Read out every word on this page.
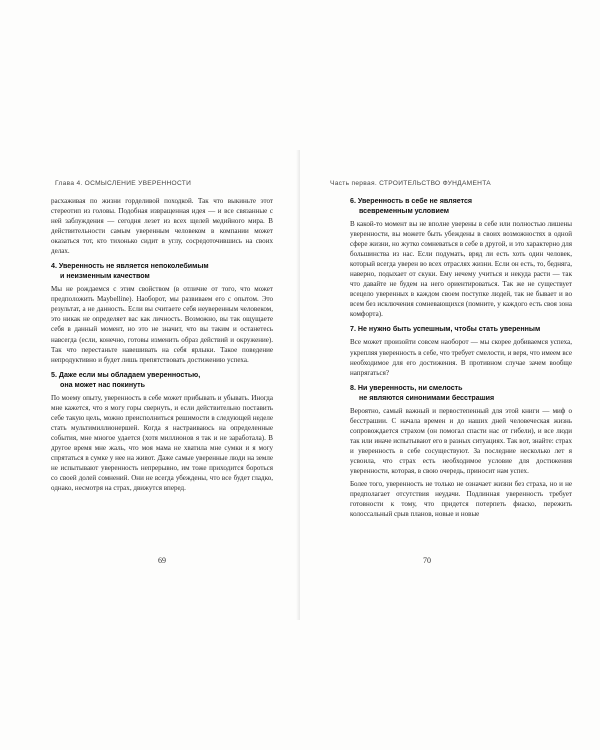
Глава 4. ОСМЫСЛЕНИЕ УВЕРЕННОСТИ

расхаживая по жизни горделивой походкой. Так что выкиньте этот стереотип из головы. Подобная извращенная идея — и все связанные с ней заблуждения — сегодня лезет из всех щелей медийного мира. В действительности самым уверенным человеком в компании может оказаться тот, кто тихонько сидит в углу, сосредоточившись на своих делах.

4. Уверенность не является непоколебимым
и неизменным качеством

Мы не рождаемся с этим свойством (в отличие от того, что может предположить Maybelline). Наоборот, мы развиваем его с опытом. Это результат, а не данность. Если вы считаете себя неуверенным человеком, это никак не определяет вас как личность. Возможно, вы так ощущаете себя в данный момент, но это не значит, что вы таким и останетесь навсегда (если, конечно, готовы изменить образ действий и окружение). Так что перестаньте навешивать на себя ярлыки. Такое поведение непродуктивно и будет лишь препятствовать достижению успеха.

5. Даже если мы обладаем уверенностью,
она может нас покинуть

По моему опыту, уверенность в себе может прибывать и убывать. Иногда мне кажется, что я могу горы свернуть, и если действительно поставить себе такую цель, можно преисполниться решимости в следующей неделе стать мультимиллионершей. Когда я настраиваюсь на определенные события, мне многое удается (хотя миллионов я так и не заработала). В другое время мне жаль, что моя мама не хватила мне сумки и я могу спрятаться в сумке у нее на живот. Даже самые уверенные люди на земле не испытывают уверенность непрерывно, им тоже приходится бороться со своей долей сомнений. Они не всегда убеждены, что все будет гладко, однако, несмотря на страх, движутся вперед.

69
Часть первая. СТРОИТЕЛЬСТВО ФУНДАМЕНТА
6. Уверенность в себе не является
всевременным условием

В какой-то момент вы не вполне уверены в себе или полностью лишены уверенности, вы можете быть убеждены в своих возможностях в одной сфере жизни, но жутко сомневаться в себе в другой, и это характерно для большинства из нас. Если подумать, вряд ли есть хоть один человек, который всегда уверен во всех отраслях жизни. Если он есть, то, бедняга, наверно, подыхает от скуки. Ему нечему учиться и некуда расти — так что давайте не будем на него ориентироваться. Так же не существует всецело уверенных в каждом своем поступке людей, так не бывает и во всем без исключения сомневающихся (помните, у каждого есть своя зона комфорта).

7. Не нужно быть успешным, чтобы стать уверенным

Все может произойти совсем наоборот — мы скорее добиваемся успеха, укрепляя уверенность в себе, что требует смелости, и веря, что имеем все необходимое для его достижения. В противном случае зачем вообще напрягаться?

8. Ни уверенность, ни смелость
не являются синонимами бесстрашия

Вероятно, самый важный и первостепенный для этой книги — миф о бесстрашии. С начала времен и до наших дней человеческая жизнь сопровождается страхом (он помогал спасти нас от гибели), и все люди так или иначе испытывают его в разных ситуациях. Так вот, знайте: страх и уверенность в себе сосуществуют. За последние несколько лет я усвоила, что страх есть необходимое условие для достижения уверенности, которая, в свою очередь, приносит нам успех.

Более того, уверенность не только не означает жизни без страха, но и не предполагает отсутствия неудачи. Подлинная уверенность требует готовности к тому, что придется потерпеть фиаско, пережить колоссальный срыв планов, новые и новые

70
